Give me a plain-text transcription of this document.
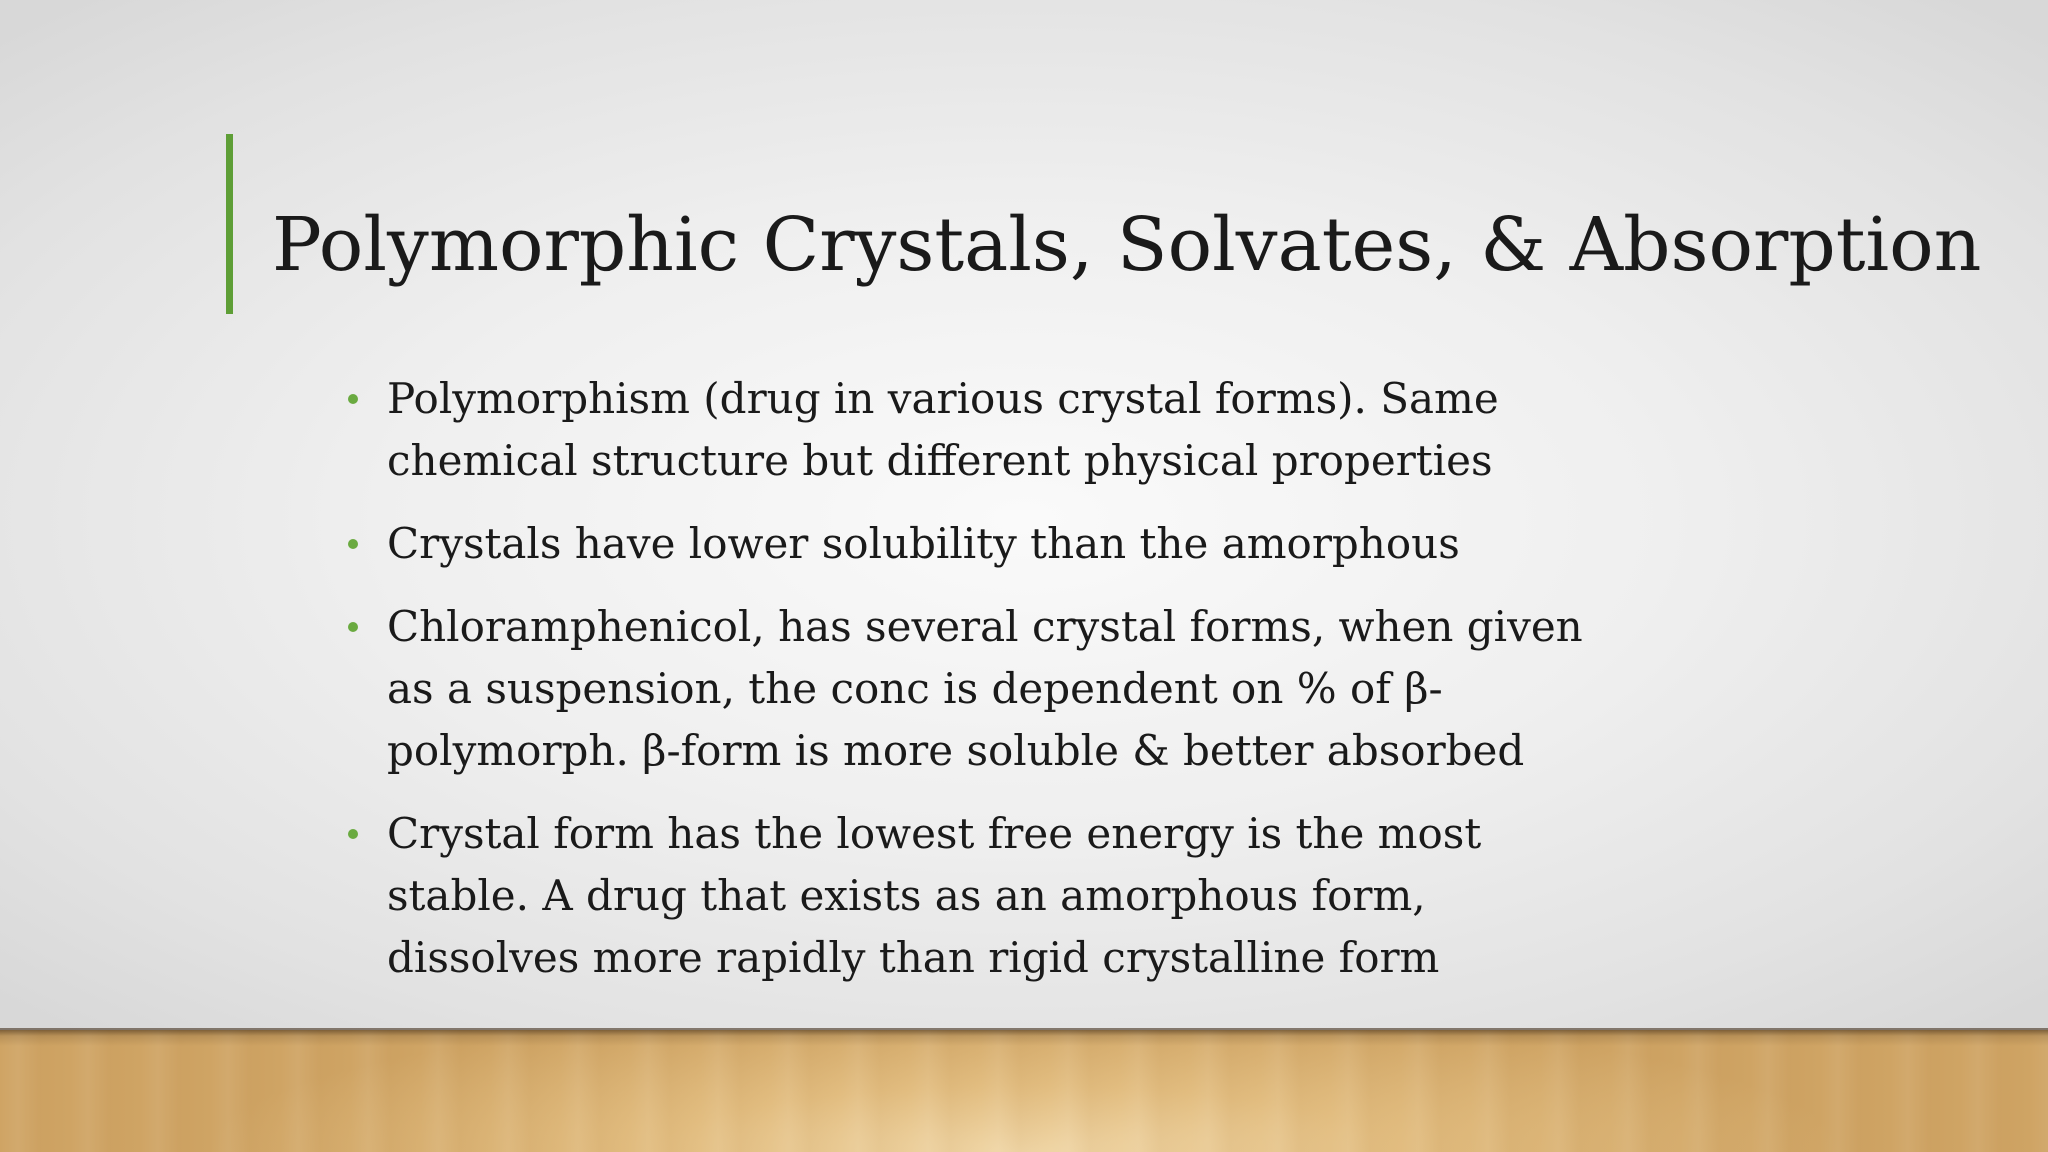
Polymorphic Crystals, Solvates, & Absorption
Polymorphism (drug in various crystal forms). Same
chemical structure but different physical properties
Crystals have lower solubility than the amorphous
Chloramphenicol, has several crystal forms, when given
as a suspension, the conc is dependent on % of β-
polymorph. β-form is more soluble & better absorbed
Crystal form has the lowest free energy is the most
stable. A drug that exists as an amorphous form,
dissolves more rapidly than rigid crystalline form
